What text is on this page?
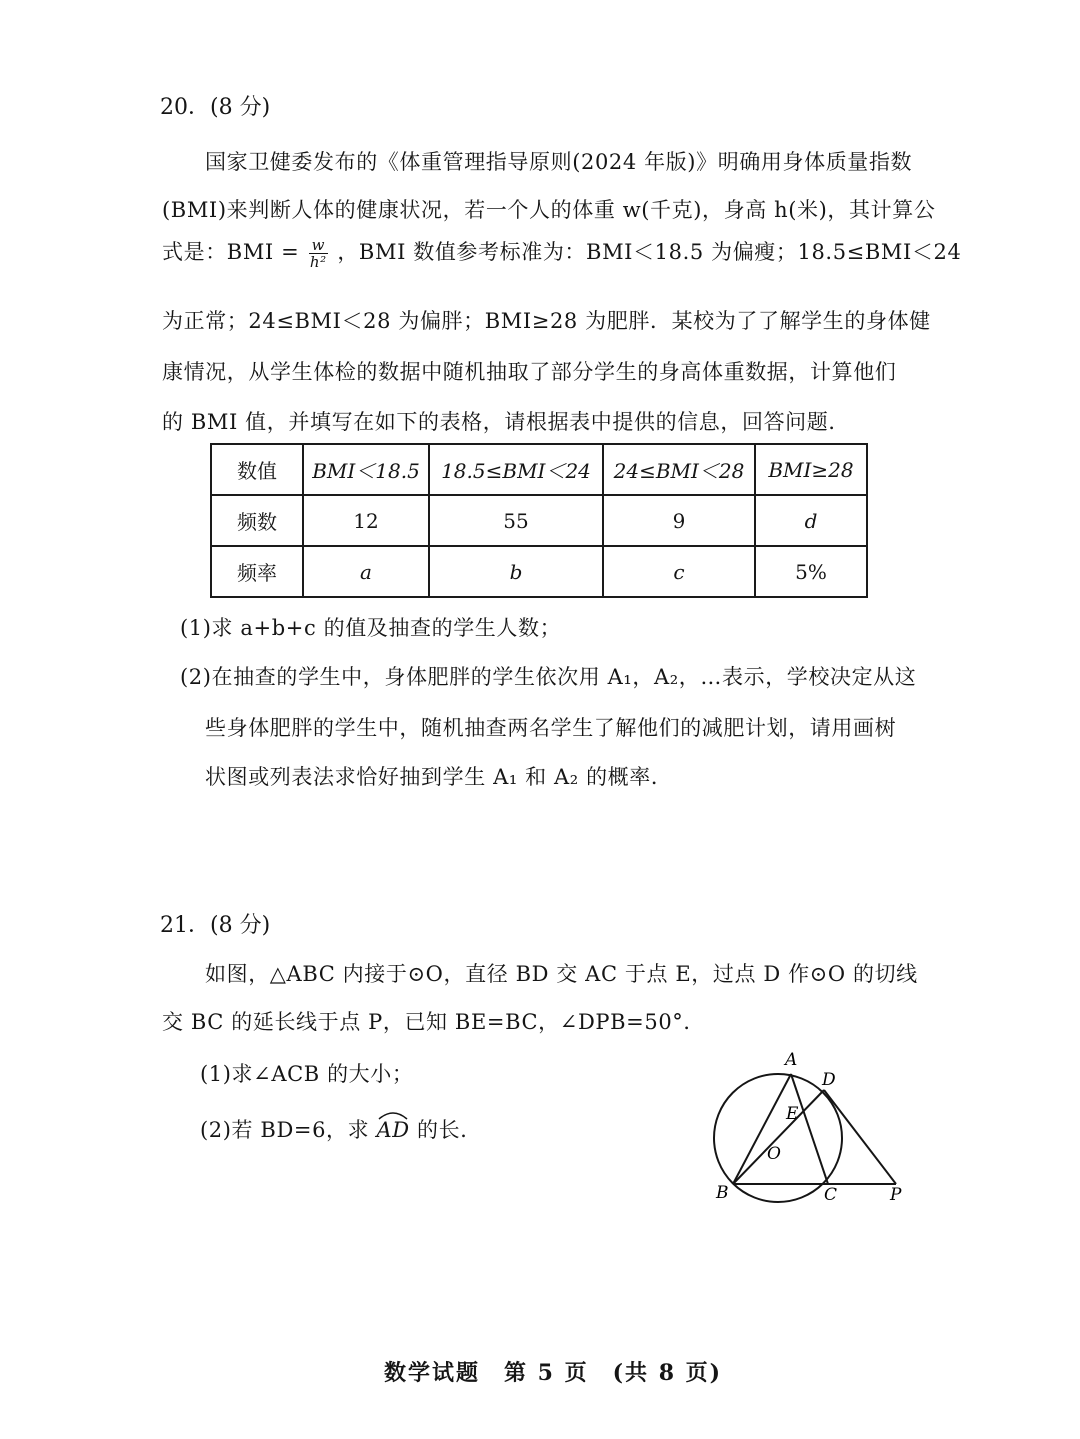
20．(8 分)
国家卫健委发布的《体重管理指导原则(2024 年版)》明确用身体质量指数
(BMI)来判断人体的健康状况，若一个人的体重 w(千克)，身高 h(米)，其计算公
式是：BMI = $\frac{w}{\text{h²}}$ ，BMI 数值参考标准为：BMI＜18.5 为偏瘦；18.5≤BMI＜24
为正常；24≤BMI＜28 为偏胖；BMI≥28 为肥胖．某校为了了解学生的身体健
康情况，从学生体检的数据中随机抽取了部分学生的身高体重数据，计算他们
的 BMI 值，并填写在如下的表格，请根据表中提供的信息，回答问题．
数值	BMI＜18.5	18.5≤BMI＜24	24≤BMI＜28	BMI≥28
频数	12	55	9	d
频率	a	b	c	5%
(1)求 a+b+c 的值及抽查的学生人数；
(2)在抽查的学生中，身体肥胖的学生依次用 A₁，A₂，…表示，学校决定从这
些身体肥胖的学生中，随机抽查两名学生了解他们的减肥计划，请用画树
状图或列表法求恰好抽到学生 A₁ 和 A₂ 的概率．
21．(8 分)
如图，△ABC 内接于⊙O，直径 BD 交 AC 于点 E，过点 D 作⊙O 的切线
交 BC 的延长线于点 P，已知 BE=BC，∠DPB=50°．
(1)求∠ACB 的大小；
(2)若 BD=6，求 AD 的长．
A
D
E
O
B	C	P
数学试题　第 5 页　(共 8 页)
